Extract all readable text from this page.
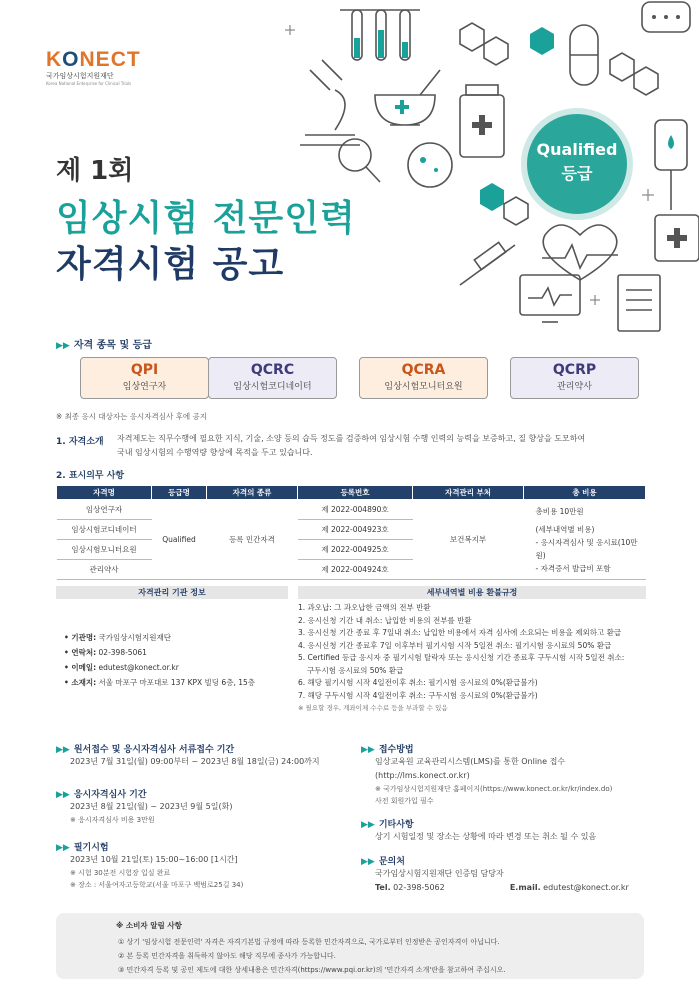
KONECT
국가임상시험지원재단
Korea National Enterprise for Clinical Trials
제 1회
임상시험 전문인력
자격시험 공고
Qualified
등급
▶▶ 자격 종목 및 등급
QPI
임상연구자
QCRC
임상시험코디네이터
QCRA
임상시험모니터요원
QCRP
관리약사
※ 최종 응시 대상자는 응시자격심사 후에 공지
1. 자격소개 자격제도는 직무수행에 필요한 지식, 기술, 소양 등의 습득 정도를 검증하여 임상시험 수행 인력의 능력을 보증하고, 질 향상을 도모하여
국내 임상시험의 수행역량 향상에 목적을 두고 있습니다.
2. 표시의무 사항
자격명	등급명	자격의 종류	등록번호	자격관리 부처	총 비용
임상연구자	Qualified	등록 민간자격	제 2022-004890호	보건복지부	총비용 10만원
(세부내역별 비용)
- 응시자격심사 및 응시료(10만원)
- 자격증서 발급비 포함

임상시험코디네이터			제 2022-004923호		
임상시험모니터요원			제 2022-004925호		
관리약사			제 2022-004924호		
자격관리 기관 정보
• 기관명: 국가임상시험지원재단
• 연락처: 02-398-5061
• 이메일: edutest@konect.or.kr
• 소재지: 서울 마포구 마포대로 137 KPX 빌딩 6층, 15층
세부내역별 비용 환불규정
1. 과오납: 그 과오납한 금액의 전부 반환
2. 응시신청 기간 내 취소: 납입한 비용의 전부를 반환
3. 응시신청 기간 종료 후 7일내 취소: 납입한 비용에서 자격 심사에 소요되는 비용을 제외하고 환급
4. 응시신청 기간 종료후 7일 이후부터 필기시험 시작 5일전 취소: 필기시험 응시료의 50% 환급
5. Certified 등급 응시자 중 필기시험 탈락자 또는 응시신청 기간 종료후 구두시험 시작 5일전 취소:
구두시험 응시료의 50% 환급
6. 해당 필기시험 시작 4일전이후 취소: 필기시험 응시료의 0%(환급불가)
7. 해당 구두시험 시작 4일전이후 취소: 구두시험 응시료의 0%(환급불가)
※ 필요할 경우, 계좌이체 수수료 등을 부과할 수 있음
▶▶ 원서접수 및 응시자격심사 서류접수 기간
2023년 7월 31일(월) 09:00부터 ~ 2023년 8월 18일(금) 24:00까지
▶▶ 응시자격심사 기간
2023년 8월 21일(월) ~ 2023년 9월 5일(화)
※ 응시자격심사 비용 3만원
▶▶ 필기시험
2023년 10월 21일(토) 15:00~16:00 [1시간]
※ 시험 30분전 시험장 입실 완료
※ 장소 : 서울여자고등학교(서울 마포구 백범로25길 34)
▶▶ 접수방법
임상교육원 교육관리시스템(LMS)를 통한 Online 접수
(http://lms.konect.or.kr)
※ 국가임상시험지원재단 홈페이지(https://www.konect.or.kr/kr/index.do)
사전 회원가입 필수
▶▶ 기타사항
상기 시험일정 및 장소는 상황에 따라 변경 또는 취소 될 수 있음
▶▶ 문의처
국가임상시험지원재단 인증팀 담당자
Tel. 02-398-5062	E.mail. edutest@konect.or.kr
※ 소비자 알림 사항
① 상기 '임상시험 전문인력' 자격은 자격기본법 규정에 따라 등록한 민간자격으로, 국가로부터 인정받은 공인자격이 아닙니다.
② 본 등록 민간자격을 취득하지 않아도 해당 직무에 종사가 가능합니다.
③ 민간자격 등록 및 공인 제도에 대한 상세내용은 민간자격(https://www.pqi.or.kr)의 '민간자격 소개'란을 참고하여 주십시오.
